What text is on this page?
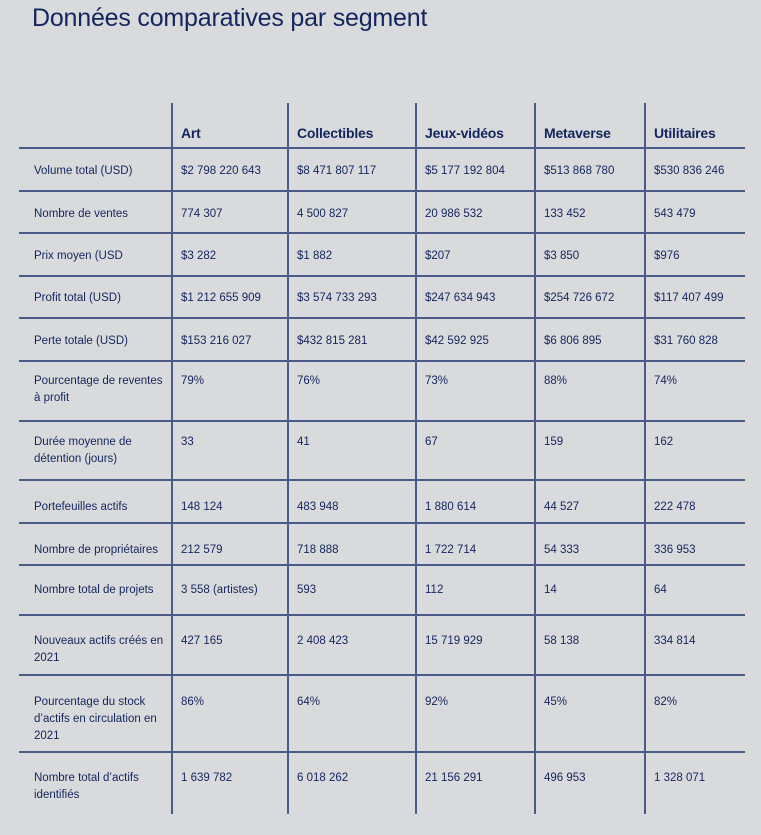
Données comparatives par segment
	Art	Collectibles	Jeux-vidéos	Metaverse	Utilitaires
Volume total (USD)	$2 798 220 643	$8 471 807 117	$5 177 192 804	$513 868 780	$530 836 246
Nombre de ventes	774 307	4 500 827	20 986 532	133 452	543 479
Prix moyen (USD	$3 282	$1 882	$207	$3 850	$976
Profit total (USD)	$1 212 655 909	$3 574 733 293	$247 634 943	$254 726 672	$117 407 499
Perte totale (USD)	$153 216 027	$432 815 281	$42 592 925	$6 806 895	$31 760 828
Pourcentage de reventes à profit	79%	76%	73%	88%	74%
Durée moyenne de détention (jours)	33	41	67	159	162
Portefeuilles actifs	148 124	483 948	1 880 614	44 527	222 478
Nombre de propriétaires	212 579	718 888	1 722 714	54 333	336 953
Nombre total de projets	3 558 (artistes)	593	112	14	64
Nouveaux actifs créés en 2021	427 165	2 408 423	15 719 929	58 138	334 814
Pourcentage du stock d’actifs en circulation en 2021	86%	64%	92%	45%	82%
Nombre total d’actifs identifiés	1 639 782	6 018 262	21 156 291	496 953	1 328 071
